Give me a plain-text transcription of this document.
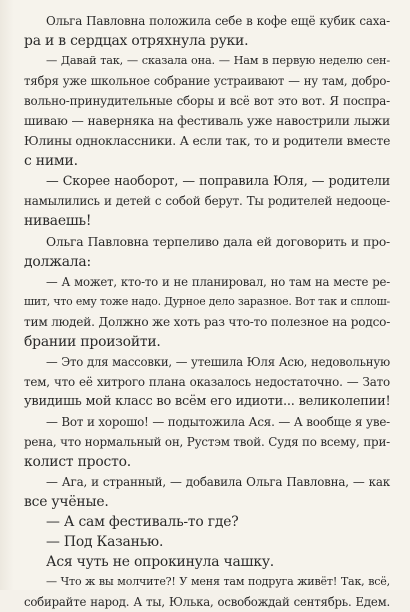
Ольга Павловна положила себе в кофе ещё кубик саха-
ра и в сердцах отряхнула руки.
— Давай так, — сказала она. — Нам в первую неделю сен-
тября уже школьное собрание устраивают — ну там, добро-
вольно-принудительные сборы и всё вот это вот. Я поспра-
шиваю — наверняка на фестиваль уже навострили лыжи
Юлины одноклассники. А если так, то и родители вместе
с ними.
— Скорее наоборот, — поправила Юля, — родители
намылились и детей с собой берут. Ты родителей недооце-
ниваешь!
Ольга Павловна терпеливо дала ей договорить и про-
должала:
— А может, кто-то и не планировал, но там на месте ре-
шит, что ему тоже надо. Дурное дело заразное. Вот так и сплош-
тим людей. Должно же хоть раз что-то полезное на родсо-
брании произойти.
— Это для массовки, — утешила Юля Асю, недовольную
тем, что её хитрого плана оказалось недостаточно. — Зато
увидишь мой класс во всём его идиоти... великолепии!
— Вот и хорошо! — подытожила Ася. — А вообще я уве-
рена, что нормальный он, Рустэм твой. Судя по всему, при-
колист просто.
— Ага, и странный, — добавила Ольга Павловна, — как
все учёные.
— А сам фестиваль-то где?
— Под Казанью.
Ася чуть не опрокинула чашку.
— Что ж вы молчите?! У меня там подруга живёт! Так, всё,
собирайте народ. А ты, Юлька, освобождай сентябрь. Едем.
